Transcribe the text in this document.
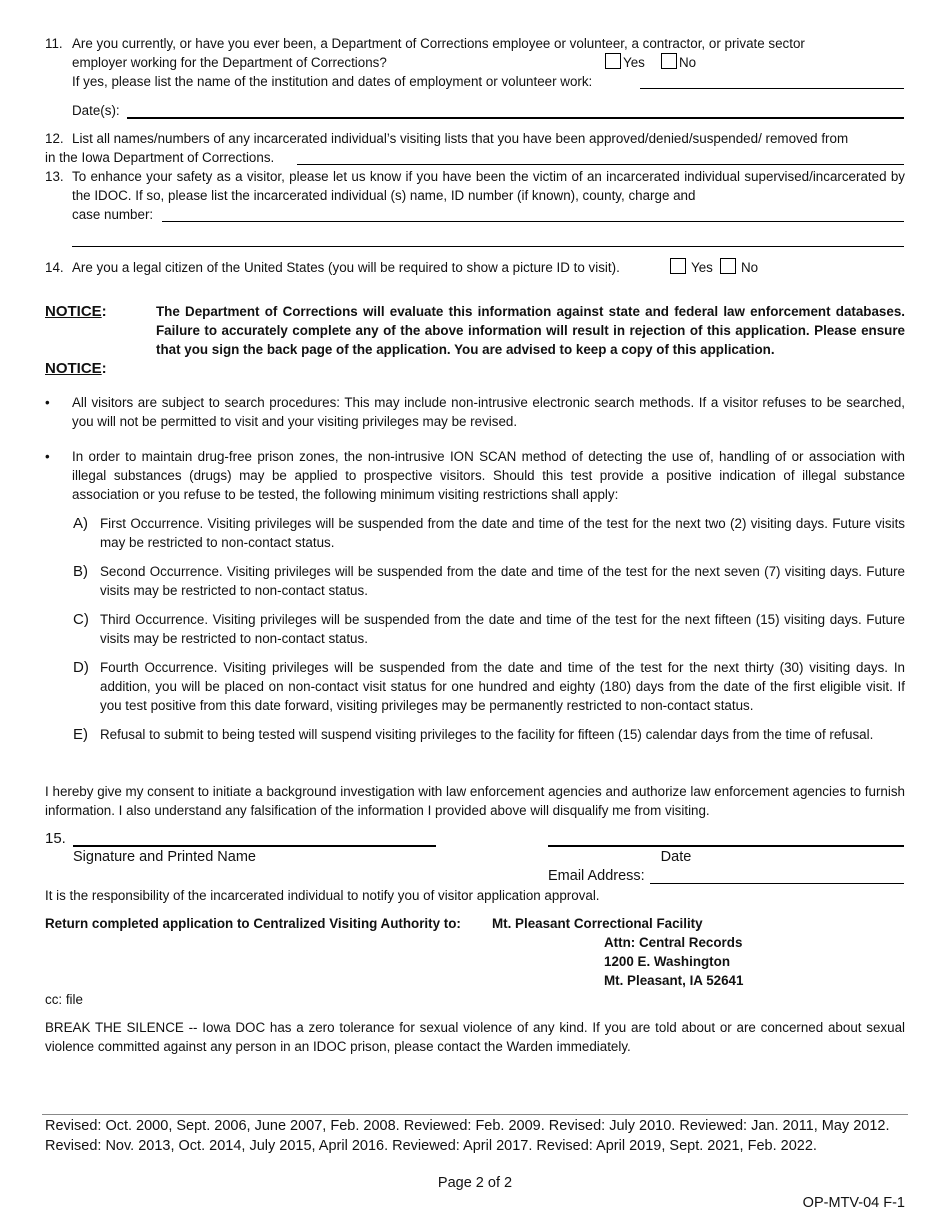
11. Are you currently, or have you ever been, a Department of Corrections employee or volunteer, a contractor, or private sector
employer working for the Department of Corrections?	Yes	No
If yes, please list the name of the institution and dates of employment or volunteer work:
Date(s):
12. List all names/numbers of any incarcerated individual’s visiting lists that you have been approved/denied/suspended/ removed from
in the Iowa Department of Corrections.
13. To enhance your safety as a visitor, please let us know if you have been the victim of an incarcerated individual supervised/incarcerated by the IDOC. If so, please list the incarcerated individual (s) name, ID number (if known), county, charge and
case number:
14. Are you a legal citizen of the United States (you will be required to show a picture ID to visit).	Yes	No
NOTICE:	The Department of Corrections will evaluate this information against state and federal law enforcement databases. Failure to accurately complete any of the above information will result in rejection of this application. Please ensure that you sign the back page of the application. You are advised to keep a copy of this application.
NOTICE:
• All visitors are subject to search procedures: This may include non-intrusive electronic search methods. If a visitor refuses to be searched, you will not be permitted to visit and your visiting privileges may be revised.
• In order to maintain drug-free prison zones, the non-intrusive ION SCAN method of detecting the use of, handling of or association with illegal substances (drugs) may be applied to prospective visitors. Should this test provide a positive indication of illegal substance association or you refuse to be tested, the following minimum visiting restrictions shall apply:
A) First Occurrence. Visiting privileges will be suspended from the date and time of the test for the next two (2) visiting days. Future visits may be restricted to non-contact status.
B) Second Occurrence. Visiting privileges will be suspended from the date and time of the test for the next seven (7) visiting days. Future visits may be restricted to non-contact status.
C) Third Occurrence. Visiting privileges will be suspended from the date and time of the test for the next fifteen (15) visiting days. Future visits may be restricted to non-contact status.
D) Fourth Occurrence. Visiting privileges will be suspended from the date and time of the test for the next thirty (30) visiting days. In addition, you will be placed on non-contact visit status for one hundred and eighty (180) days from the date of the first eligible visit. If you test positive from this date forward, visiting privileges may be permanently restricted to non-contact status.
E) Refusal to submit to being tested will suspend visiting privileges to the facility for fifteen (15) calendar days from the time of refusal.
I hereby give my consent to initiate a background investigation with law enforcement agencies and authorize law enforcement agencies to furnish information. I also understand any falsification of the information I provided above will disqualify me from visiting.
15.
Signature and Printed Name	Date
Email Address:
It is the responsibility of the incarcerated individual to notify you of visitor application approval.
Return completed application to Centralized Visiting Authority to: Mt. Pleasant Correctional Facility
Attn: Central Records
1200 E. Washington
Mt. Pleasant, IA 52641
cc: file
BREAK THE SILENCE -- Iowa DOC has a zero tolerance for sexual violence of any kind. If you are told about or are concerned about sexual violence committed against any person in an IDOC prison, please contact the Warden immediately.
Revised: Oct. 2000, Sept. 2006, June 2007, Feb. 2008. Reviewed: Feb. 2009. Revised: July 2010. Reviewed: Jan. 2011, May 2012. Revised: Nov. 2013, Oct. 2014, July 2015, April 2016. Reviewed: April 2017. Revised: April 2019, Sept. 2021, Feb. 2022.
Page 2 of 2
OP-MTV-04 F-1
